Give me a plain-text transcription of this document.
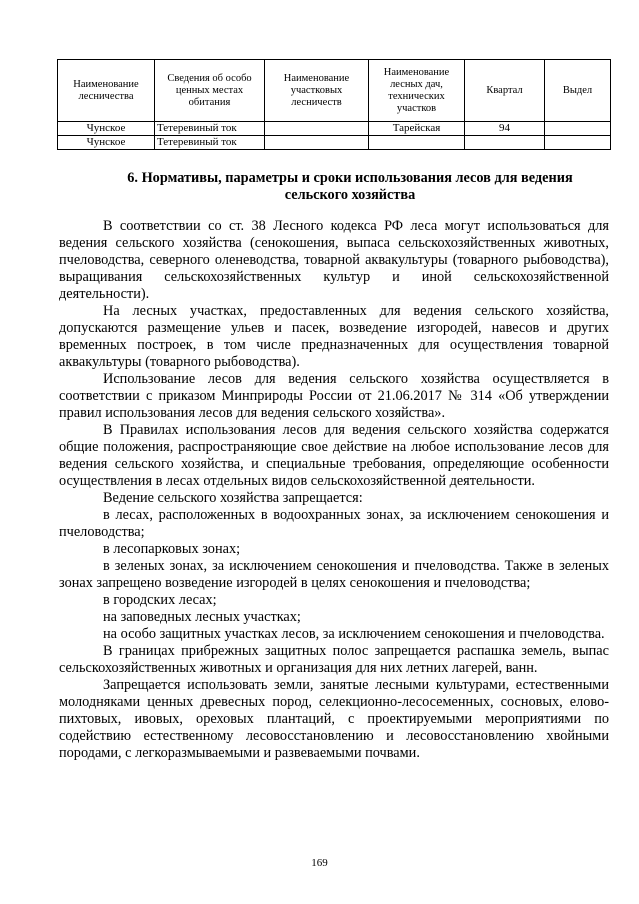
Наименование лесничества	Сведения об особо ценных местах обитания	Наименование участковых лесничеств	Наименование лесных дач, технических участков	Квартал	Выдел
Чунское	Тетеревиный ток		Тарейская	94	
Чунское	Тетеревиный ток				
6. Нормативы, параметры и сроки использования лесов для ведения сельского хозяйства

В соответствии со ст. 38 Лесного кодекса РФ леса могут использоваться для ведения сельского хозяйства (сенокошения, выпаса сельскохозяйственных животных, пчеловодства, северного оленеводства, товарной аквакультуры (товарного рыбоводства), выращивания сельскохозяйственных культур и иной сельскохозяйственной деятельности).

На лесных участках, предоставленных для ведения сельского хозяйства, допускаются размещение ульев и пасек, возведение изгородей, навесов и других временных построек, в том числе предназначенных для осуществления товарной аквакультуры (товарного рыбоводства).

Использование лесов для ведения сельского хозяйства осуществляется в соответствии с приказом Минприроды России от 21.06.2017 № 314 «Об утверждении правил использования лесов для ведения сельского хозяйства».

В Правилах использования лесов для ведения сельского хозяйства содержатся общие положения, распространяющие свое действие на любое использование лесов для ведения сельского хозяйства, и специальные требования, определяющие особенности осуществления в лесах отдельных видов сельскохозяйственной деятельности.

Ведение сельского хозяйства запрещается:

в лесах, расположенных в водоохранных зонах, за исключением сенокошения и пчеловодства;

в лесопарковых зонах;

в зеленых зонах, за исключением сенокошения и пчеловодства. Также в зеленых зонах запрещено возведение изгородей в целях сенокошения и пчеловодства;

в городских лесах;

на заповедных лесных участках;

на особо защитных участках лесов, за исключением сенокошения и пчеловодства.

В границах прибрежных защитных полос запрещается распашка земель, выпас сельскохозяйственных животных и организация для них летних лагерей, ванн.

Запрещается использовать земли, занятые лесными культурами, естественными молодняками ценных древесных пород, селекционно-лесосеменных, сосновых, елово-пихтовых, ивовых, ореховых плантаций, с проектируемыми мероприятиями по содействию естественному лесовосстановлению и лесовосстановлению хвойными породами, с легкоразмываемыми и развеваемыми почвами.

169
